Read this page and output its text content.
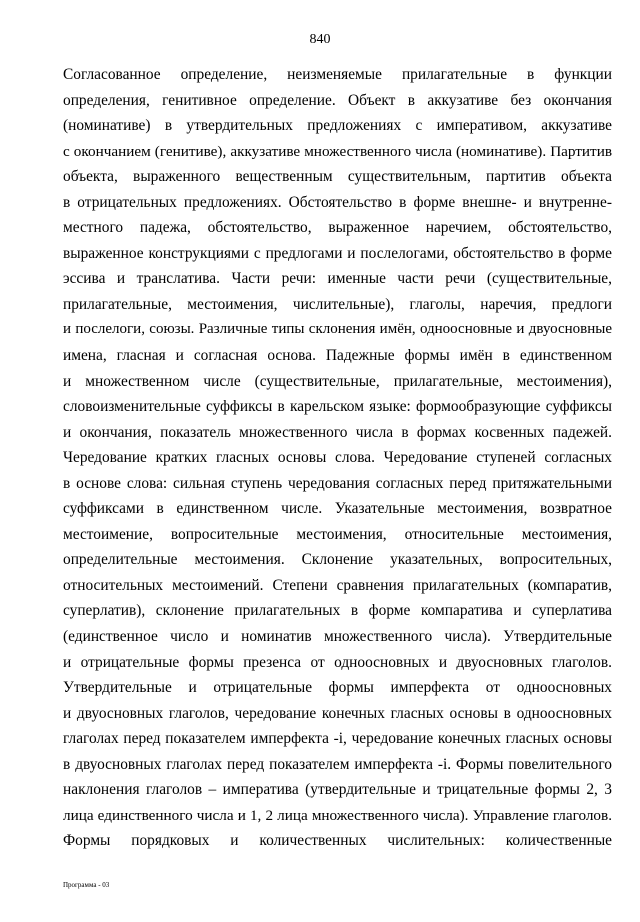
840
Согласованное определение, неизменяемые прилагательные в функции
определения, генитивное определение. Объект в аккузативе без окончания
(номинативе) в утвердительных предложениях с императивом, аккузативе
с окончанием (генитиве), аккузативе множественного числа (номинативе). Партитив
объекта, выраженного вещественным существительным, партитив объекта
в отрицательных предложениях. Обстоятельство в форме внешне- и внутренне-
местного падежа, обстоятельство, выраженное наречием, обстоятельство,
выраженное конструкциями с предлогами и послелогами, обстоятельство в форме
эссива и транслатива. Части речи: именные части речи (существительные,
прилагательные, местоимения, числительные), глаголы, наречия, предлоги
и послелоги, союзы. Различные типы склонения имён, одноосновные и двуосновные
имена, гласная и согласная основа. Падежные формы имён в единственном
и множественном числе (существительные, прилагательные, местоимения),
словоизменительные суффиксы в карельском языке: формообразующие суффиксы
и окончания, показатель множественного числа в формах косвенных падежей.
Чередование кратких гласных основы слова. Чередование ступеней согласных
в основе слова: сильная ступень чередования согласных перед притяжательными
суффиксами в единственном числе. Указательные местоимения, возвратное
местоимение, вопросительные местоимения, относительные местоимения,
определительные местоимения. Склонение указательных, вопросительных,
относительных местоимений. Степени сравнения прилагательных (компаратив,
суперлатив), склонение прилагательных в форме компаратива и суперлатива
(единственное число и номинатив множественного числа). Утвердительные
и отрицательные формы презенса от одноосновных и двуосновных глаголов.
Утвердительные и отрицательные формы имперфекта от одноосновных
и двуосновных глаголов, чередование конечных гласных основы в одноосновных
глаголах перед показателем имперфекта -i, чередование конечных гласных основы
в двуосновных глаголах перед показателем имперфекта -i. Формы повелительного
наклонения глаголов – императива (утвердительные и трицательные формы 2, 3
лица единственного числа и 1, 2 лица множественного числа). Управление глаголов.
Формы порядковых и количественных числительных: количественные
Программа - 03
